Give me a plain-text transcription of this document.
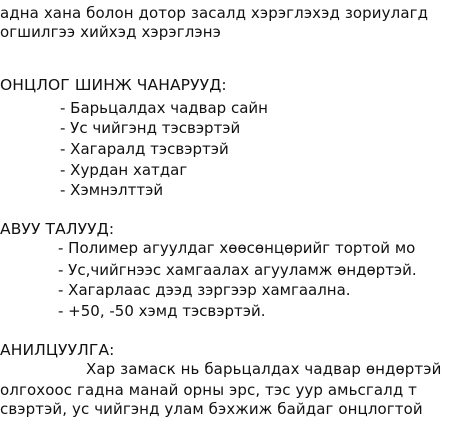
адна хана болон дотор засалд хэрэглэхэд зориулагд
огшилгээ хийхэд хэрэглэнэ
ОНЦЛОГ ШИНЖ ЧАНАРУУД:
- Барьцалдах чадвар сайн
- Ус чийгэнд тэсвэртэй
- Хагаралд тэсвэртэй
- Хурдан хатдаг
- Хэмнэлттэй
АВУУ ТАЛУУД:
- Полимер агуулдаг хөөсөнцөрийг тортой мо
- Ус,чийгнээс хамгаалах агууламж өндөртэй.
- Хагарлаас дээд зэргээр хамгаална.
- +50, -50 хэмд тэсвэртэй.
АНИЛЦУУЛГА:
Хар замаск нь барьцалдах чадвар өндөртэй
олгохоос гадна манай орны эрс, тэс уур амьсгалд т
свэртэй, ус чийгэнд улам бэхжиж байдаг онцлогтой
